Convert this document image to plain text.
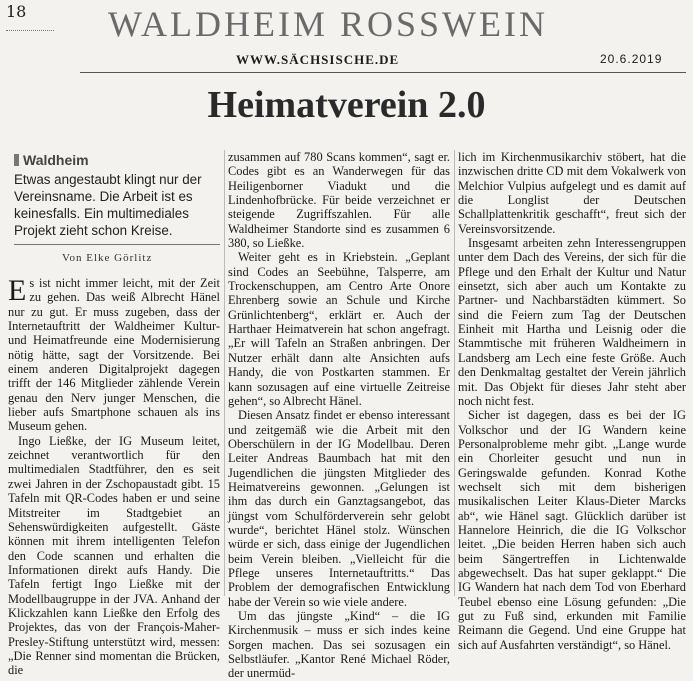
18 WALDHEIM ROSSWEIN
WWW.SÄCHSISCHE.DE	20.6.2019
Heimatverein 2.0
Waldheim
Etwas angestaubt klingt nur der Vereinsname. Die Arbeit ist es keinesfalls. Ein multimediales Projekt zieht schon Kreise.
Von Elke Görlitz

Es ist nicht immer leicht, mit der Zeit zu gehen. Das weiß Albrecht Hänel nur zu gut. Er muss zugeben, dass der Internetauftritt der Waldheimer Kultur- und Heimatfreunde eine Modernisierung nötig hätte, sagt der Vorsitzende. Bei einem anderen Digitalprojekt dagegen trifft der 146 Mitglieder zählende Verein genau den Nerv junger Menschen, die lieber aufs Smartphone schauen als ins Museum gehen.

Ingo Ließke, der IG Museum leitet, zeichnet verantwortlich für den multimedialen Stadtführer, den es seit zwei Jahren in der Zschopaustadt gibt. 15 Tafeln mit QR-Codes haben er und seine Mitstreiter im Stadtgebiet an Sehenswürdigkeiten aufgestellt. Gäste können mit ihrem intelligenten Telefon den Code scannen und erhalten die Informationen direkt aufs Handy. Die Tafeln fertigt Ingo Ließke mit der Modellbaugruppe in der JVA. Anhand der Klickzahlen kann Ließke den Erfolg des Projektes, das von der François-Maher-Presley-Stiftung unterstützt wird, messen: „Die Renner sind momentan die Brücken, die

zusammen auf 780 Scans kommen“, sagt er. Codes gibt es an Wanderwegen für das Heiligenborner Viadukt und die Lindenhofbrücke. Für beide verzeichnet er steigende Zugriffszahlen. Für alle Waldheimer Standorte sind es zusammen 6 380, so Ließke.

Weiter geht es in Kriebstein. „Geplant sind Codes an Seebühne, Talsperre, am Trockenschuppen, am Centro Arte Onore Ehrenberg sowie an Schule und Kirche Grünlichtenberg“, erklärt er. Auch der Harthaer Heimatverein hat schon angefragt. „Er will Tafeln an Straßen anbringen. Der Nutzer erhält dann alte Ansichten aufs Handy, die von Postkarten stammen. Er kann sozusagen auf eine virtuelle Zeitreise gehen“, so Albrecht Hänel.

Diesen Ansatz findet er ebenso interessant und zeitgemäß wie die Arbeit mit den Oberschülern in der IG Modellbau. Deren Leiter Andreas Baumbach hat mit den Jugendlichen die jüngsten Mitglieder des Heimatvereins gewonnen. „Gelungen ist ihm das durch ein Ganztagsangebot, das jüngst vom Schulförderverein sehr gelobt wurde“, berichtet Hänel stolz. Wünschen würde er sich, dass einige der Jugendlichen beim Verein bleiben. „Vielleicht für die Pflege unseres Internetauftritts.“ Das Problem der demografischen Entwicklung habe der Verein so wie viele andere.

Um das jüngste „Kind“ – die IG Kirchenmusik – muss er sich indes keine Sorgen machen. Das sei sozusagen ein Selbstläufer. „Kantor René Michael Röder, der unermüd-

lich im Kirchenmusikarchiv stöbert, hat die inzwischen dritte CD mit dem Vokalwerk von Melchior Vulpius aufgelegt und es damit auf die Longlist der Deutschen Schallplattenkritik geschafft“, freut sich der Vereinsvorsitzende.

Insgesamt arbeiten zehn Interessengruppen unter dem Dach des Vereins, der sich für die Pflege und den Erhalt der Kultur und Natur einsetzt, sich aber auch um Kontakte zu Partner- und Nachbarstädten kümmert. So sind die Feiern zum Tag der Deutschen Einheit mit Hartha und Leisnig oder die Stammtische mit früheren Waldheimern in Landsberg am Lech eine feste Größe. Auch den Denkmaltag gestaltet der Verein jährlich mit. Das Objekt für dieses Jahr steht aber noch nicht fest.

Sicher ist dagegen, dass es bei der IG Volkschor und der IG Wandern keine Personalprobleme mehr gibt. „Lange wurde ein Chorleiter gesucht und nun in Geringswalde gefunden. Konrad Kothe wechselt sich mit dem bisherigen musikalischen Leiter Klaus-Dieter Marcks ab“, wie Hänel sagt. Glücklich darüber ist Hannelore Heinrich, die die IG Volkschor leitet. „Die beiden Herren haben sich auch beim Sängertreffen in Lichtenwalde abgewechselt. Das hat super geklappt.“ Die IG Wandern hat nach dem Tod von Eberhard Teubel ebenso eine Lösung gefunden: „Die gut zu Fuß sind, erkunden mit Familie Reimann die Gegend. Und eine Gruppe hat sich auf Ausfahrten verständigt“, so Hänel.
